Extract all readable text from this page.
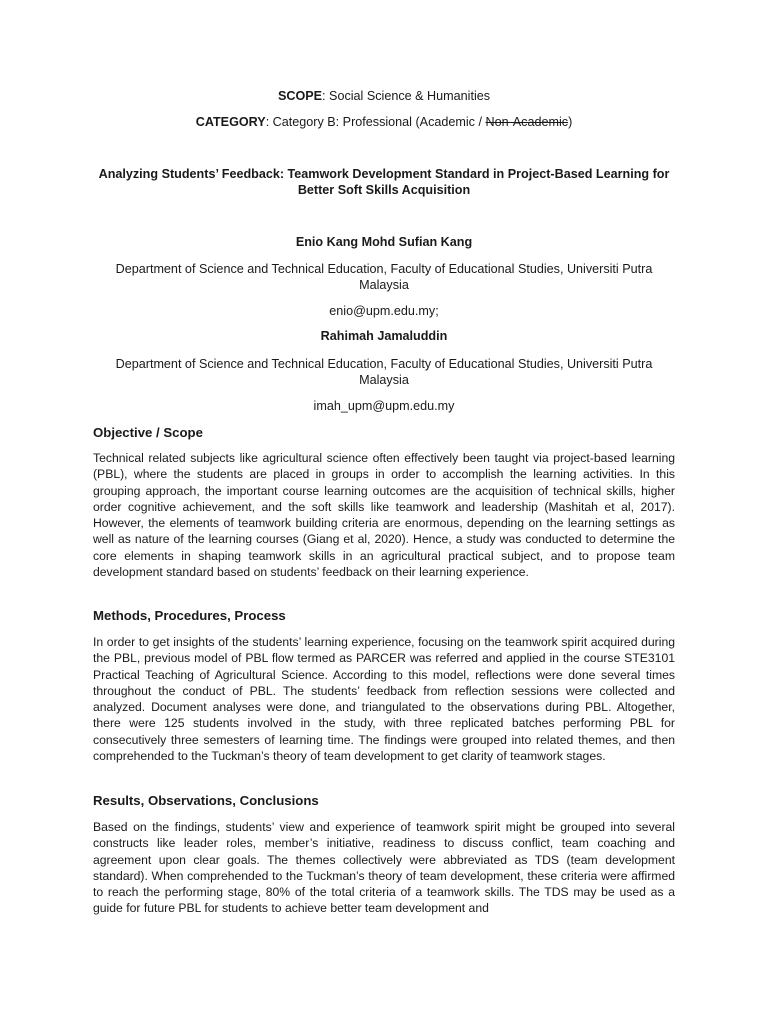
SCOPE: Social Science & Humanities
CATEGORY: Category B: Professional (Academic / Non-Academic)
Analyzing Students’ Feedback: Teamwork Development Standard in Project-Based Learning for
Better Soft Skills Acquisition
Enio Kang Mohd Sufian Kang
Department of Science and Technical Education, Faculty of Educational Studies, Universiti Putra
Malaysia
enio@upm.edu.my;
Rahimah Jamaluddin
Department of Science and Technical Education, Faculty of Educational Studies, Universiti Putra
Malaysia
imah_upm@upm.edu.my
Objective / Scope

Technical related subjects like agricultural science often effectively been taught via project-based learning (PBL), where the students are placed in groups in order to accomplish the learning activities. In this grouping approach, the important course learning outcomes are the acquisition of technical skills, higher order cognitive achievement, and the soft skills like teamwork and leadership (Mashitah et al, 2017). However, the elements of teamwork building criteria are enormous, depending on the learning settings as well as nature of the learning courses (Giang et al, 2020). Hence, a study was conducted to determine the core elements in shaping teamwork skills in an agricultural practical subject, and to propose team development standard based on students’ feedback on their learning experience.

Methods, Procedures, Process

In order to get insights of the students’ learning experience, focusing on the teamwork spirit acquired during the PBL, previous model of PBL flow termed as PARCER was referred and applied in the course STE3101 Practical Teaching of Agricultural Science. According to this model, reflections were done several times throughout the conduct of PBL. The students’ feedback from reflection sessions were collected and analyzed. Document analyses were done, and triangulated to the observations during PBL. Altogether, there were 125 students involved in the study, with three replicated batches performing PBL for consecutively three semesters of learning time. The findings were grouped into related themes, and then comprehended to the Tuckman’s theory of team development to get clarity of teamwork stages.

Results, Observations, Conclusions

Based on the findings, students’ view and experience of teamwork spirit might be grouped into several constructs like leader roles, member’s initiative, readiness to discuss conflict, team coaching and agreement upon clear goals. The themes collectively were abbreviated as TDS (team development standard). When comprehended to the Tuckman’s theory of team development, these criteria were affirmed to reach the performing stage, 80% of the total criteria of a teamwork skills. The TDS may be used as a guide for future PBL for students to achieve better team development and
